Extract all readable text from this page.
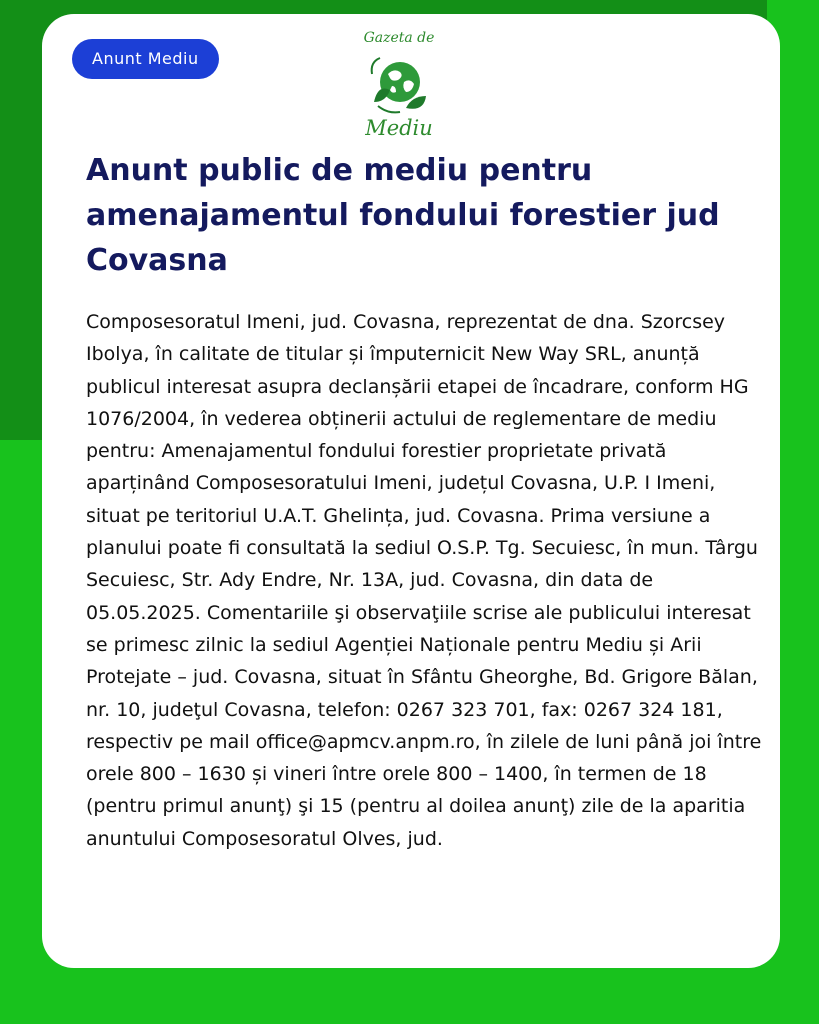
Anunt Mediu
Gazeta de
Mediu
Anunt public de mediu pentru amenajamentul fondului forestier jud Covasna

Composesoratul Imeni, jud. Covasna, reprezentat de dna. Szorcsey Ibolya, în calitate de titular și împuternicit New Way SRL, anunță publicul interesat asupra declanșării etapei de încadrare, conform HG 1076/2004, în vederea obținerii actului de reglementare de mediu pentru: Amenajamentul fondului forestier proprietate privată aparținând Composesoratului Imeni, județul Covasna, U.P. I Imeni, situat pe teritoriul U.A.T. Ghelința, jud. Covasna. Prima versiune a planului poate fi consultată la sediul O.S.P. Tg. Secuiesc, în mun. Târgu Secuiesc, Str. Ady Endre, Nr. 13A, jud. Covasna, din data de 05.05.2025. Comentariile şi observaţiile scrise ale publicului interesat se primesc zilnic la sediul Agenției Naționale pentru Mediu și Arii Protejate – jud. Covasna, situat în Sfântu Gheorghe, Bd. Grigore Bălan, nr. 10, judeţul Covasna, telefon: 0267 323 701, fax: 0267 324 181, respectiv pe mail office@apmcv.anpm.ro, în zilele de luni până joi între orele 800 – 1630 și vineri între orele 800 – 1400, în termen de 18 (pentru primul anunţ) şi 15 (pentru al doilea anunţ) zile de la aparitia anuntului Composesoratul Olves, jud.
